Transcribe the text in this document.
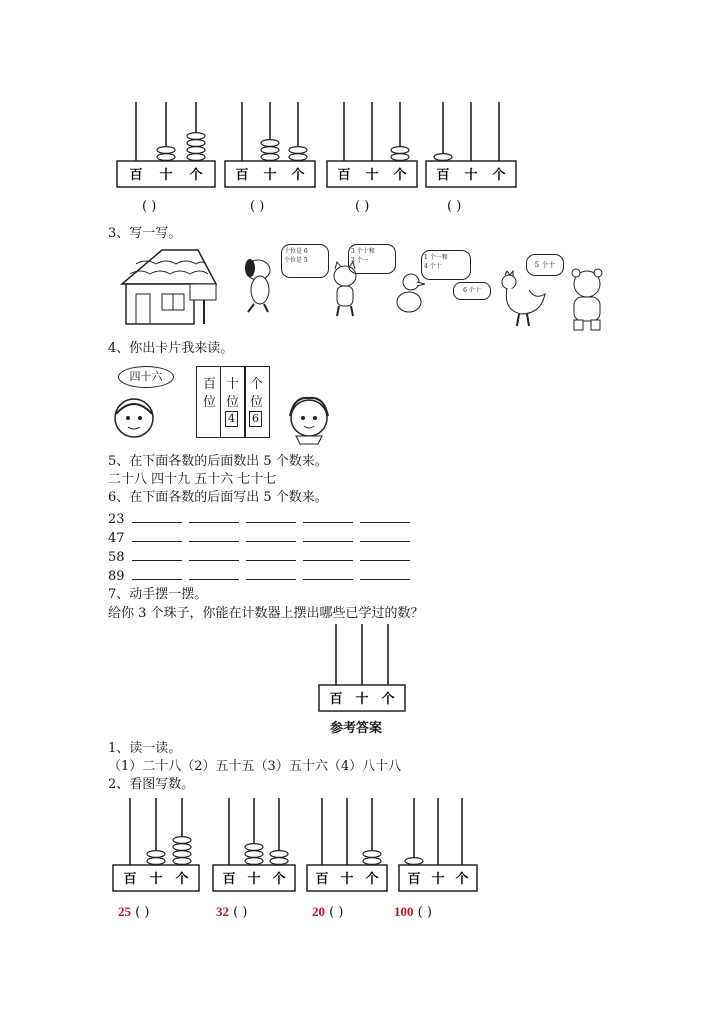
百 十 个	百 十 个	百 十 个 百 十 个
( )	( )	( )	( )
3、写一写。
十位是 6
个位是 5
3 个十和
2 个一	1 个一和
4 个十
6 个十
5 个十
4、你出卡片我来读。
四十六
百
位
十
位
4
个
位
6
5、在下面各数的后面数出 5 个数来。
二十八 四十九 五十六 七十七
6、在下面各数的后面写出 5 个数来。
23
47
58
89
7、动手摆一摆。
给你 3 个珠子，你能在计数器上摆出哪些已学过的数？
百 十 个
参考答案
1、读一读。
（1）二十八（2）五十五（3）五十六（4）八十八
2、看图写数。
百 十 个	百 十 个 百 十 个 百 十 个
25 ( )	32 ( )	20 ( )	100 ( )
